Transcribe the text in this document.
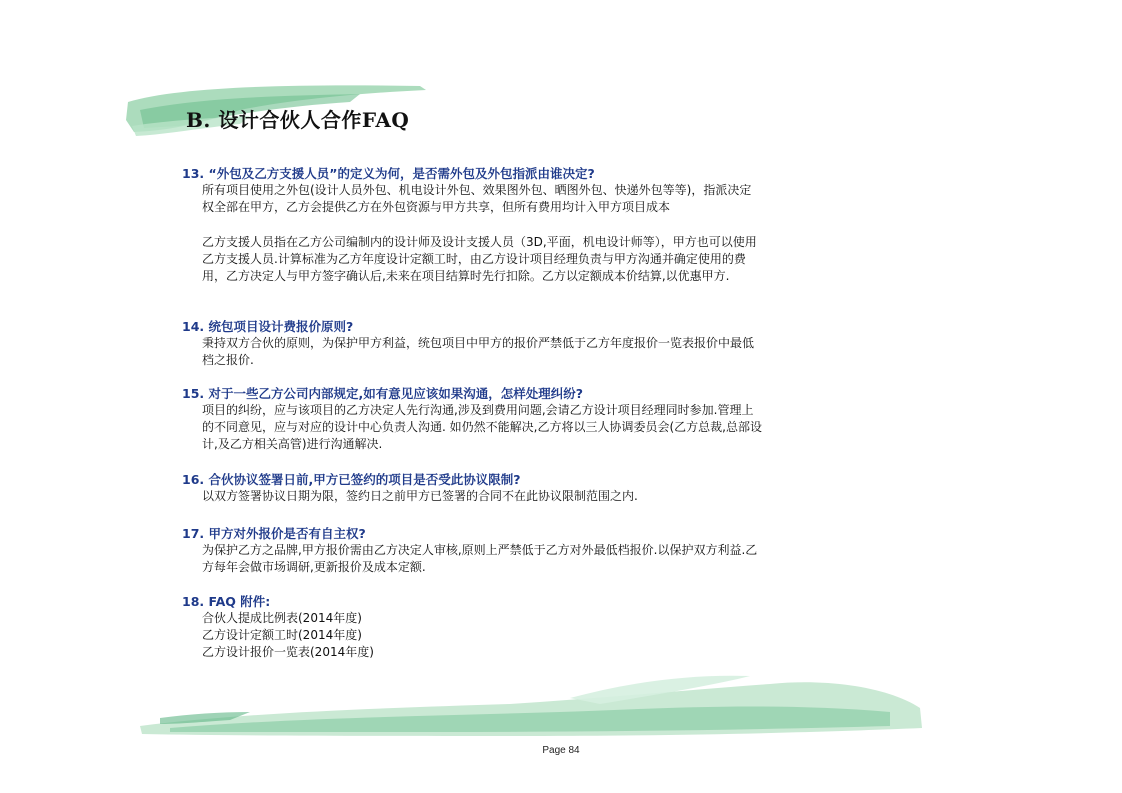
B. 设计合伙人合作FAQ
13. “外包及乙方支援人员”的定义为何，是否需外包及外包指派由谁决定?

所有项目使用之外包(设计人员外包、机电设计外包、效果图外包、晒图外包、快递外包等等)，指派决定权全部在甲方，乙方会提供乙方在外包资源与甲方共享，但所有费用均计入甲方项目成本

乙方支援人员指在乙方公司编制内的设计师及设计支援人员（3D,平面，机电设计师等），甲方也可以使用乙方支援人员.计算标准为乙方年度设计定额工时，由乙方设计项目经理负责与甲方沟通并确定使用的费用，乙方决定人与甲方签字确认后,未来在项目结算时先行扣除。乙方以定额成本价结算,以优惠甲方.

14. 统包项目设计费报价原则?

秉持双方合伙的原则，为保护甲方利益，统包项目中甲方的报价严禁低于乙方年度报价一览表报价中最低档之报价.

15. 对于一些乙方公司内部规定,如有意见应该如果沟通，怎样处理纠纷?

项目的纠纷，应与该项目的乙方决定人先行沟通,涉及到费用问题,会请乙方设计项目经理同时参加.管理上的不同意见，应与对应的设计中心负责人沟通. 如仍然不能解决,乙方将以三人协调委员会(乙方总裁,总部设计,及乙方相关高管)进行沟通解决.

16. 合伙协议签署日前,甲方已签约的项目是否受此协议限制?

以双方签署协议日期为限，签约日之前甲方已签署的合同不在此协议限制范围之内.

17. 甲方对外报价是否有自主权?

为保护乙方之品牌,甲方报价需由乙方决定人审核,原则上严禁低于乙方对外最低档报价.以保护双方利益.乙方每年会做市场调研,更新报价及成本定额.

18. FAQ 附件:

合伙人提成比例表(2014年度)

乙方设计定额工时(2014年度)

乙方设计报价一览表(2014年度)

Page 84
